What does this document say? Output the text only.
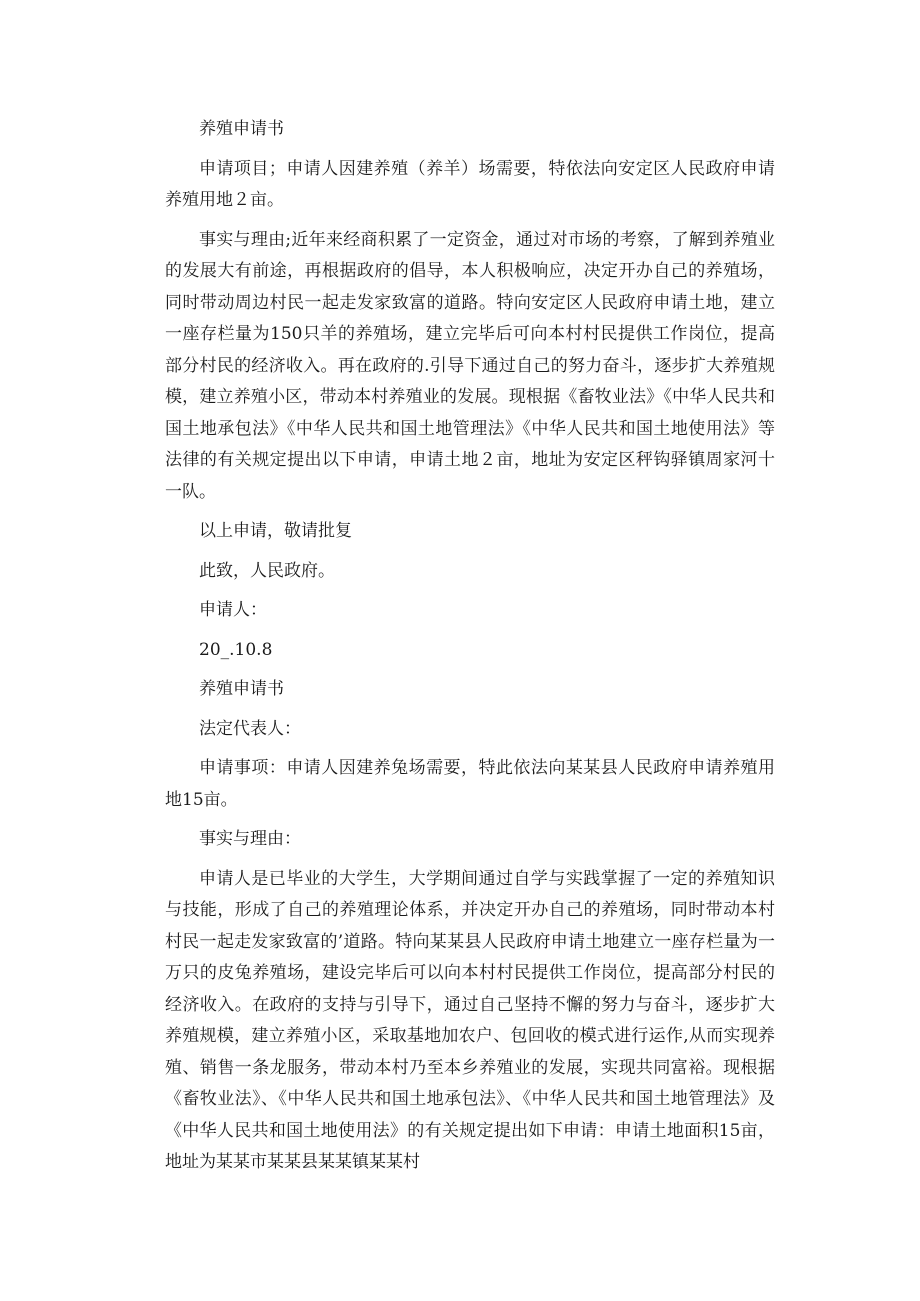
养殖申请书

申请项目；申请人因建养殖（养羊）场需要，特依法向安定区人民政府申请养殖用地２亩。

事实与理由;近年来经商积累了一定资金，通过对市场的考察，了解到养殖业的发展大有前途，再根据政府的倡导，本人积极响应，决定开办自己的养殖场，同时带动周边村民一起走发家致富的道路。特向安定区人民政府申请土地，建立一座存栏量为150只羊的养殖场，建立完毕后可向本村村民提供工作岗位，提高部分村民的经济收入。再在政府的.引导下通过自己的努力奋斗，逐步扩大养殖规模，建立养殖小区，带动本村养殖业的发展。现根据《畜牧业法》《中华人民共和国土地承包法》《中华人民共和国土地管理法》《中华人民共和国土地使用法》等法律的有关规定提出以下申请，申请土地２亩，地址为安定区秤钩驿镇周家河十一队。

以上申请，敬请批复

此致，人民政府。

申请人：

20_.10.8

养殖申请书

法定代表人：

申请事项：申请人因建养兔场需要，特此依法向某某县人民政府申请养殖用地15亩。

事实与理由：

申请人是已毕业的大学生，大学期间通过自学与实践掌握了一定的养殖知识与技能，形成了自己的养殖理论体系，并决定开办自己的养殖场，同时带动本村村民一起走发家致富的’道路。特向某某县人民政府申请土地建立一座存栏量为一万只的皮兔养殖场，建设完毕后可以向本村村民提供工作岗位，提高部分村民的经济收入。在政府的支持与引导下，通过自己坚持不懈的努力与奋斗，逐步扩大养殖规模，建立养殖小区，采取基地加农户、包回收的模式进行运作,从而实现养殖、销售一条龙服务，带动本村乃至本乡养殖业的发展，实现共同富裕。现根据《畜牧业法》、《中华人民共和国土地承包法》、《中华人民共和国土地管理法》及《中华人民共和国土地使用法》的有关规定提出如下申请：申请土地面积15亩，地址为某某市某某县某某镇某某村
